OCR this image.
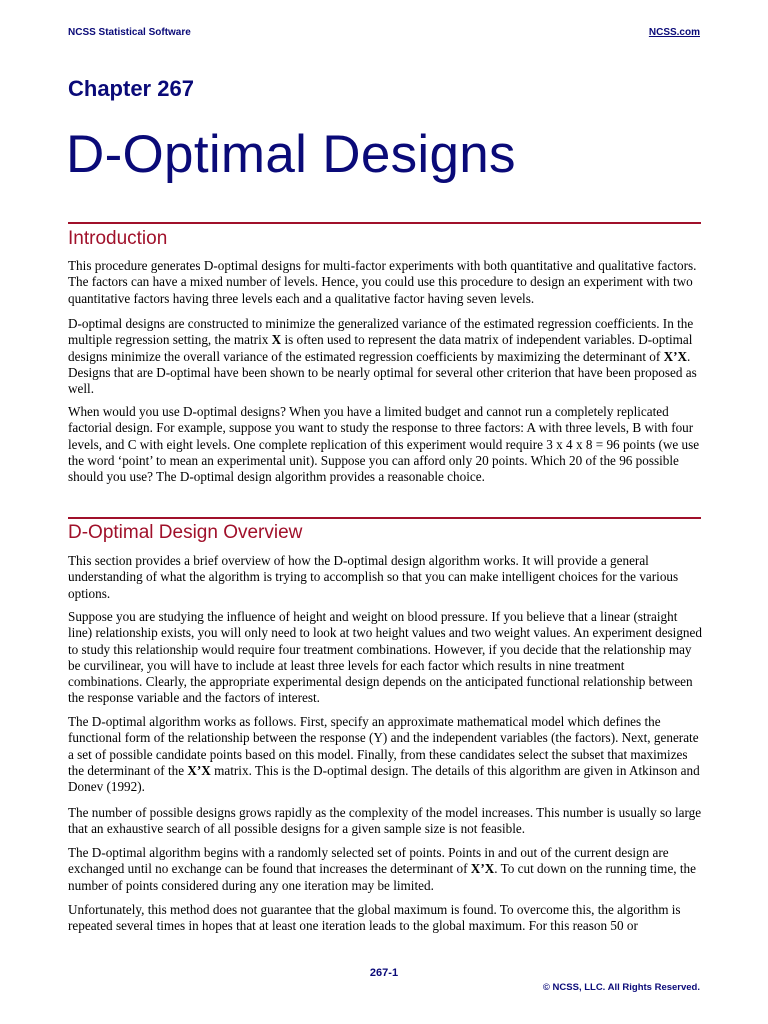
NCSS Statistical Software	NCSS.com
Chapter 267
D-Optimal Designs
Introduction

This procedure generates D-optimal designs for multi-factor experiments with both quantitative and qualitative factors. The factors can have a mixed number of levels. Hence, you could use this procedure to design an experiment with two quantitative factors having three levels each and a qualitative factor having seven levels.

D-optimal designs are constructed to minimize the generalized variance of the estimated regression coefficients. In the multiple regression setting, the matrix X is often used to represent the data matrix of independent variables. D-optimal designs minimize the overall variance of the estimated regression coefficients by maximizing the determinant of X’X. Designs that are D-optimal have been shown to be nearly optimal for several other criterion that have been proposed as well.

When would you use D-optimal designs? When you have a limited budget and cannot run a completely replicated factorial design. For example, suppose you want to study the response to three factors: A with three levels, B with four levels, and C with eight levels. One complete replication of this experiment would require 3 x 4 x 8 = 96 points (we use the word ‘point’ to mean an experimental unit). Suppose you can afford only 20 points. Which 20 of the 96 possible should you use? The D-optimal design algorithm provides a reasonable choice.

D-Optimal Design Overview

This section provides a brief overview of how the D-optimal design algorithm works. It will provide a general understanding of what the algorithm is trying to accomplish so that you can make intelligent choices for the various options.

Suppose you are studying the influence of height and weight on blood pressure. If you believe that a linear (straight line) relationship exists, you will only need to look at two height values and two weight values. An experiment designed to study this relationship would require four treatment combinations. However, if you decide that the relationship may be curvilinear, you will have to include at least three levels for each factor which results in nine treatment combinations. Clearly, the appropriate experimental design depends on the anticipated functional relationship between the response variable and the factors of interest.

The D-optimal algorithm works as follows. First, specify an approximate mathematical model which defines the functional form of the relationship between the response (Y) and the independent variables (the factors). Next, generate a set of possible candidate points based on this model. Finally, from these candidates select the subset that maximizes the determinant of the X’X matrix. This is the D-optimal design. The details of this algorithm are given in Atkinson and Donev (1992).

The number of possible designs grows rapidly as the complexity of the model increases. This number is usually so large that an exhaustive search of all possible designs for a given sample size is not feasible.

The D-optimal algorithm begins with a randomly selected set of points. Points in and out of the current design are exchanged until no exchange can be found that increases the determinant of X’X. To cut down on the running time, the number of points considered during any one iteration may be limited.

Unfortunately, this method does not guarantee that the global maximum is found. To overcome this, the algorithm is repeated several times in hopes that at least one iteration leads to the global maximum. For this reason 50 or

267-1
© NCSS, LLC. All Rights Reserved.
